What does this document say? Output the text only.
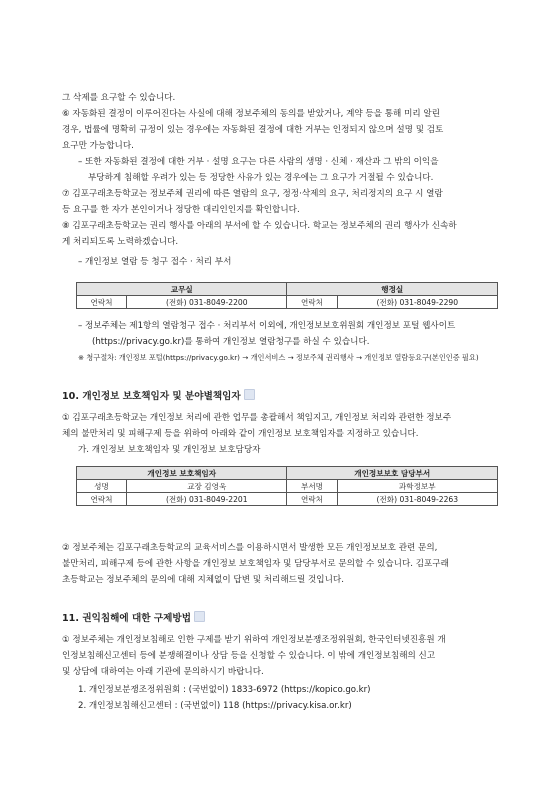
그 삭제를 요구할 수 있습니다.
⑥ 자동화된 결정이 이루어진다는 사실에 대해 정보주체의 동의를 받았거나, 계약 등을 통해 미리 알린
경우, 법률에 명확히 규정이 있는 경우에는 자동화된 결정에 대한 거부는 인정되지 않으며 설명 및 검토
요구만 가능합니다.
– 또한 자동화된 결정에 대한 거부 · 설명 요구는 다른 사람의 생명 · 신체 · 재산과 그 밖의 이익을
부당하게 침해할 우려가 있는 등 정당한 사유가 있는 경우에는 그 요구가 거절될 수 있습니다.
⑦ 김포구래초등학교는 정보주체 권리에 따른 열람의 요구, 정정·삭제의 요구, 처리정지의 요구 시 열람
등 요구를 한 자가 본인이거나 정당한 대리인인지를 확인합니다.
⑧ 김포구래초등학교는 권리 행사를 아래의 부서에 할 수 있습니다. 학교는 정보주체의 권리 행사가 신속하
게 처리되도록 노력하겠습니다.
– 개인정보 열람 등 청구 접수 · 처리 부서
교무실		행정실	
연락처	(전화) 031-8049-2200	연락처	(전화) 031-8049-2290
– 정보주체는 제1항의 열람청구 접수 · 처리부서 이외에, 개인정보보호위원회 개인정보 포털 웹사이트
(https://privacy.go.kr)를 통하여 개인정보 열람청구를 하실 수 있습니다.
※ 청구절차: 개인정보 포털(https://privacy.go.kr) → 개인서비스 → 정보주체 권리행사 → 개인정보 열람등요구(본인인증 필요)
10. 개인정보 보호책임자 및 분야별책임자
① 김포구래초등학교는 개인정보 처리에 관한 업무를 총괄해서 책임지고, 개인정보 처리와 관련한 정보주
체의 불만처리 및 피해구제 등을 위하여 아래와 같이 개인정보 보호책임자를 지정하고 있습니다.
가. 개인정보 보호책임자 및 개인정보 보호담당자
개인정보 보호책임자		개인정보보호 담당부서	
성명	교장 김영욱	부서명	과학정보부
연락처	(전화) 031-8049-2201	연락처	(전화) 031-8049-2263
② 정보주체는 김포구래초등학교의 교육서비스를 이용하시면서 발생한 모든 개인정보보호 관련 문의,
불만처리, 피해구제 등에 관한 사항을 개인정보 보호책임자 및 담당부서로 문의할 수 있습니다. 김포구래
초등학교는 정보주체의 문의에 대해 지체없이 답변 및 처리해드릴 것입니다.
11. 권익침해에 대한 구제방법
① 정보주체는 개인정보침해로 인한 구제를 받기 위하여 개인정보분쟁조정위원회, 한국인터넷진흥원 개
인정보침해신고센터 등에 분쟁해결이나 상담 등을 신청할 수 있습니다. 이 밖에 개인정보침해의 신고
및 상담에 대하여는 아래 기관에 문의하시기 바랍니다.
1. 개인정보분쟁조정위원회 : (국번없이) 1833-6972 (https://kopico.go.kr)
2. 개인정보침해신고센터 : (국번없이) 118 (https://privacy.kisa.or.kr)
